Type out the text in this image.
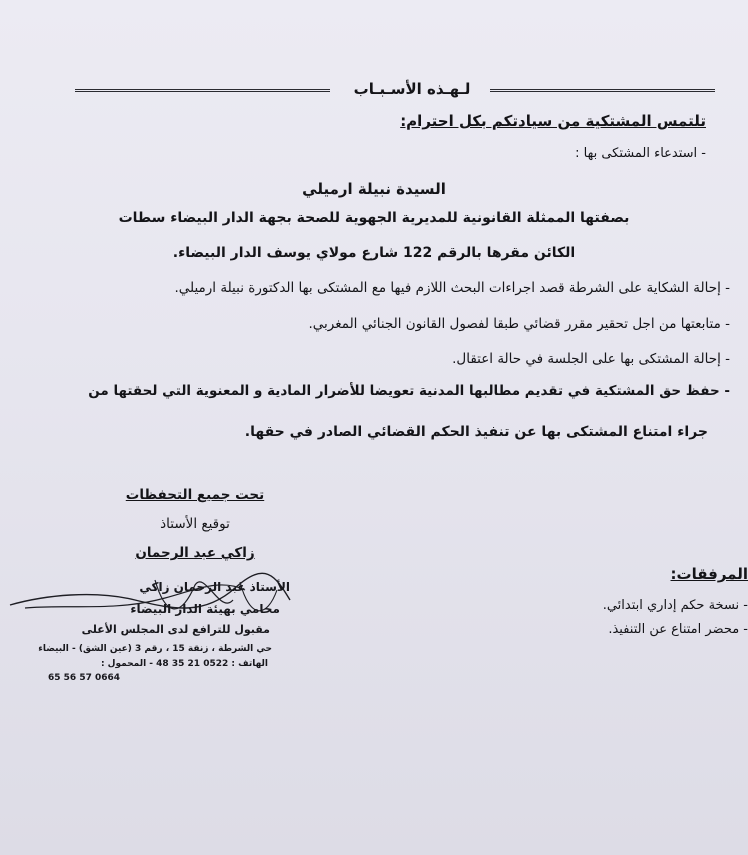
لـهـذه الأسـبـاب
تلتمس المشتكية من سيادتكم بكل احترام:
- استدعاء المشتكى بها :
السيدة نبيلة ارميلي
بصفتها الممثلة القانونية للمديرية الجهوية للصحة بجهة الدار البيضاء سطات
الكائن مقرها بالرقم 122 شارع مولاي يوسف الدار البيضاء.
- إحالة الشكاية على الشرطة قصد اجراءات البحث اللازم فيها مع المشتكى بها الدكتورة نبيلة ارميلي.
- متابعتها من اجل تحقير مقرر قضائي طبقا لفصول القانون الجنائي المغربي.
- إحالة المشتكى بها على الجلسة في حالة اعتقال.
- حفظ حق المشتكية في تقديم مطالبها المدنية تعويضا للأضرار المادية و المعنوية التي لحقتها من
جراء امتناع المشتكى بها عن تنفيذ الحكم القضائي الصادر في حقها.
تحت جميع التحفظات
توقيع الأستاذ
زاكي عبد الرحمان
الأستاذ عبد الرحمان زاكي
محامي بهيئة الدار البيضاء
مقبول للترافع لدى المجلس الأعلى
حي الشرطة ، زنقة 15 ، رقم 3 (عين الشق) - البيضاء
الهاتف : 0522 21 35 48 - المحمول :
0664 57 56 65
المرفقات:
- نسخة حكم إداري ابتدائي.
- محضر امتناع عن التنفيذ.
